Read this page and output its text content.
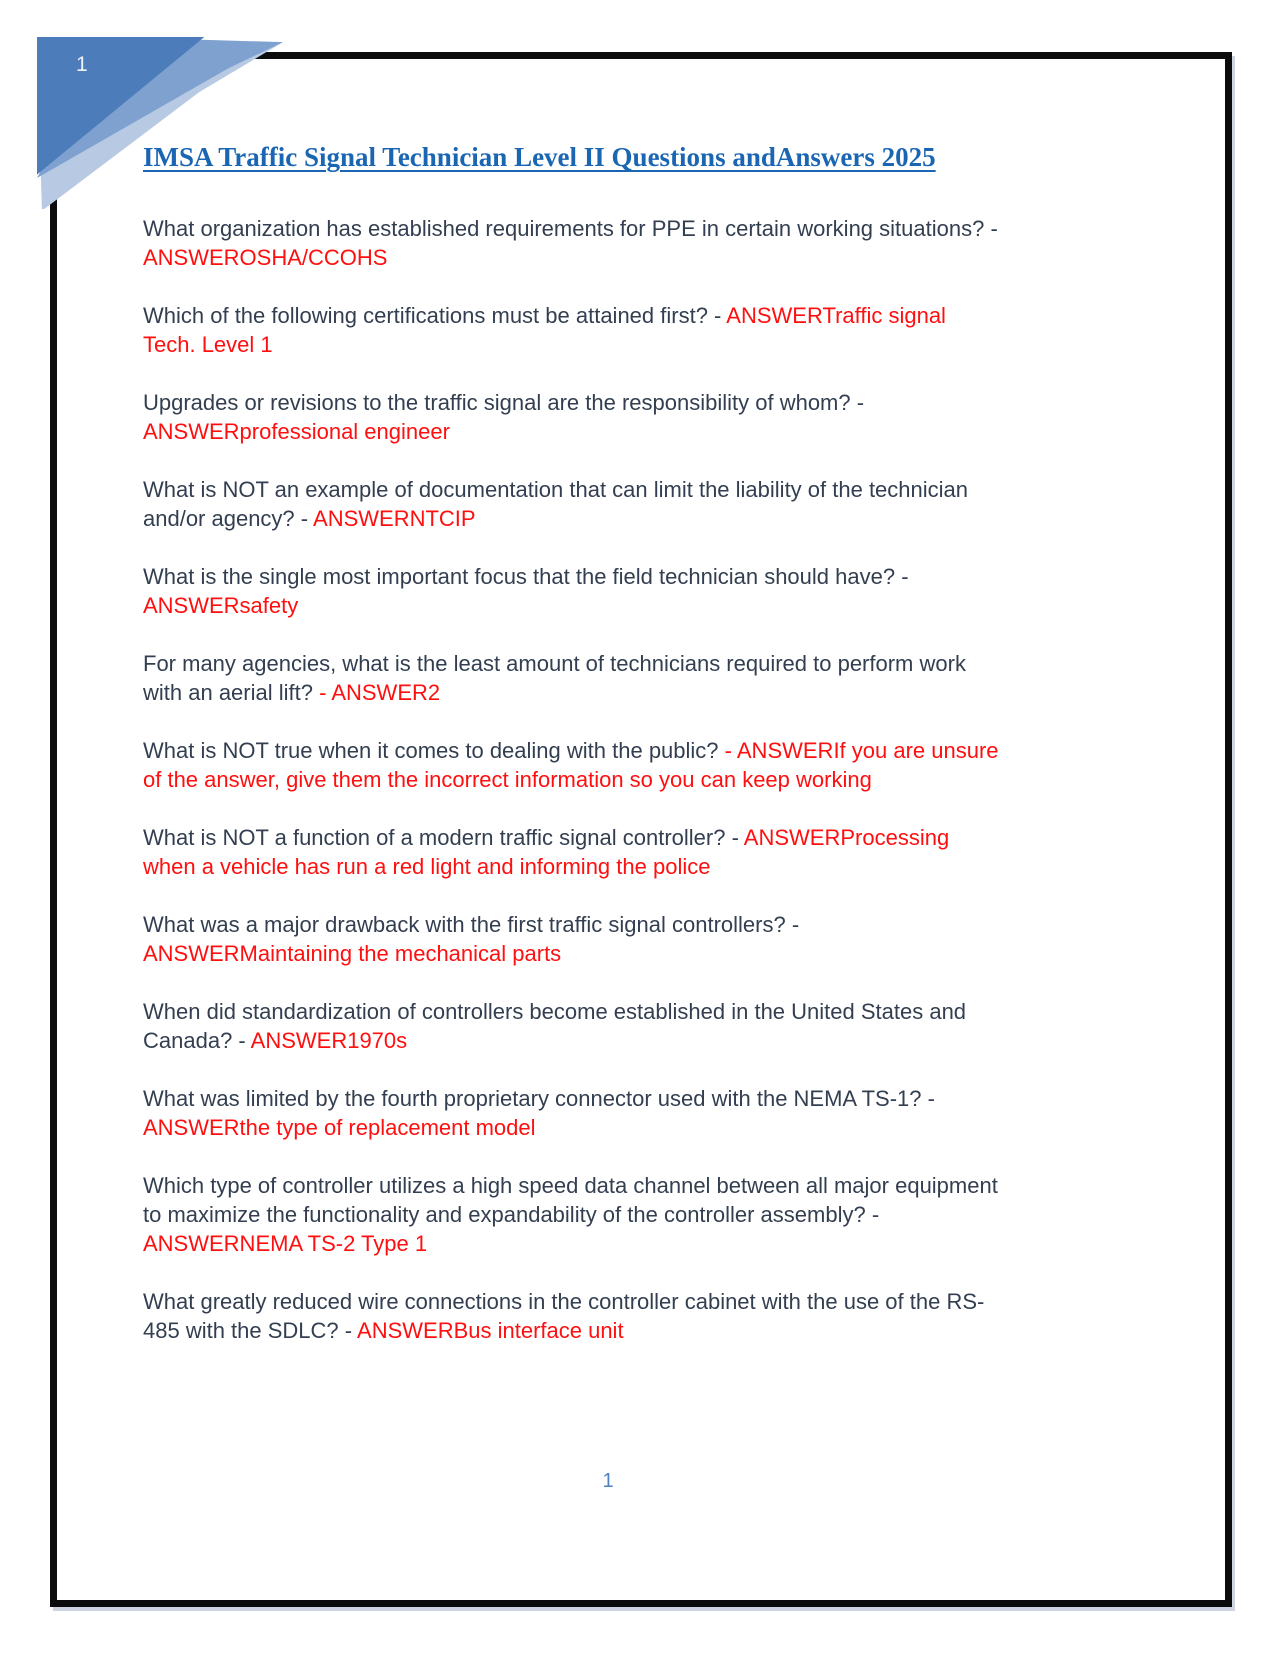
1
IMSA Traffic Signal Technician Level II Questions andAnswers 2025
What organization has established requirements for PPE in certain working situations? -
ANSWEROSHA/CCOHS
Which of the following certifications must be attained first? - ANSWERTraffic signal
Tech. Level 1
Upgrades or revisions to the traffic signal are the responsibility of whom? -
ANSWERprofessional engineer
What is NOT an example of documentation that can limit the liability of the technician
and/or agency? - ANSWERNTCIP
What is the single most important focus that the field technician should have? -
ANSWERsafety
For many agencies, what is the least amount of technicians required to perform work
with an aerial lift? - ANSWER2
What is NOT true when it comes to dealing with the public? - ANSWERIf you are unsure
of the answer, give them the incorrect information so you can keep working
What is NOT a function of a modern traffic signal controller? - ANSWERProcessing
when a vehicle has run a red light and informing the police
What was a major drawback with the first traffic signal controllers? -
ANSWERMaintaining the mechanical parts
When did standardization of controllers become established in the United States and
Canada? - ANSWER1970s
What was limited by the fourth proprietary connector used with the NEMA TS-1? -
ANSWERthe type of replacement model
Which type of controller utilizes a high speed data channel between all major equipment
to maximize the functionality and expandability of the controller assembly? -
ANSWERNEMA TS-2 Type 1
What greatly reduced wire connections in the controller cabinet with the use of the RS-
485 with the SDLC? - ANSWERBus interface unit
1
